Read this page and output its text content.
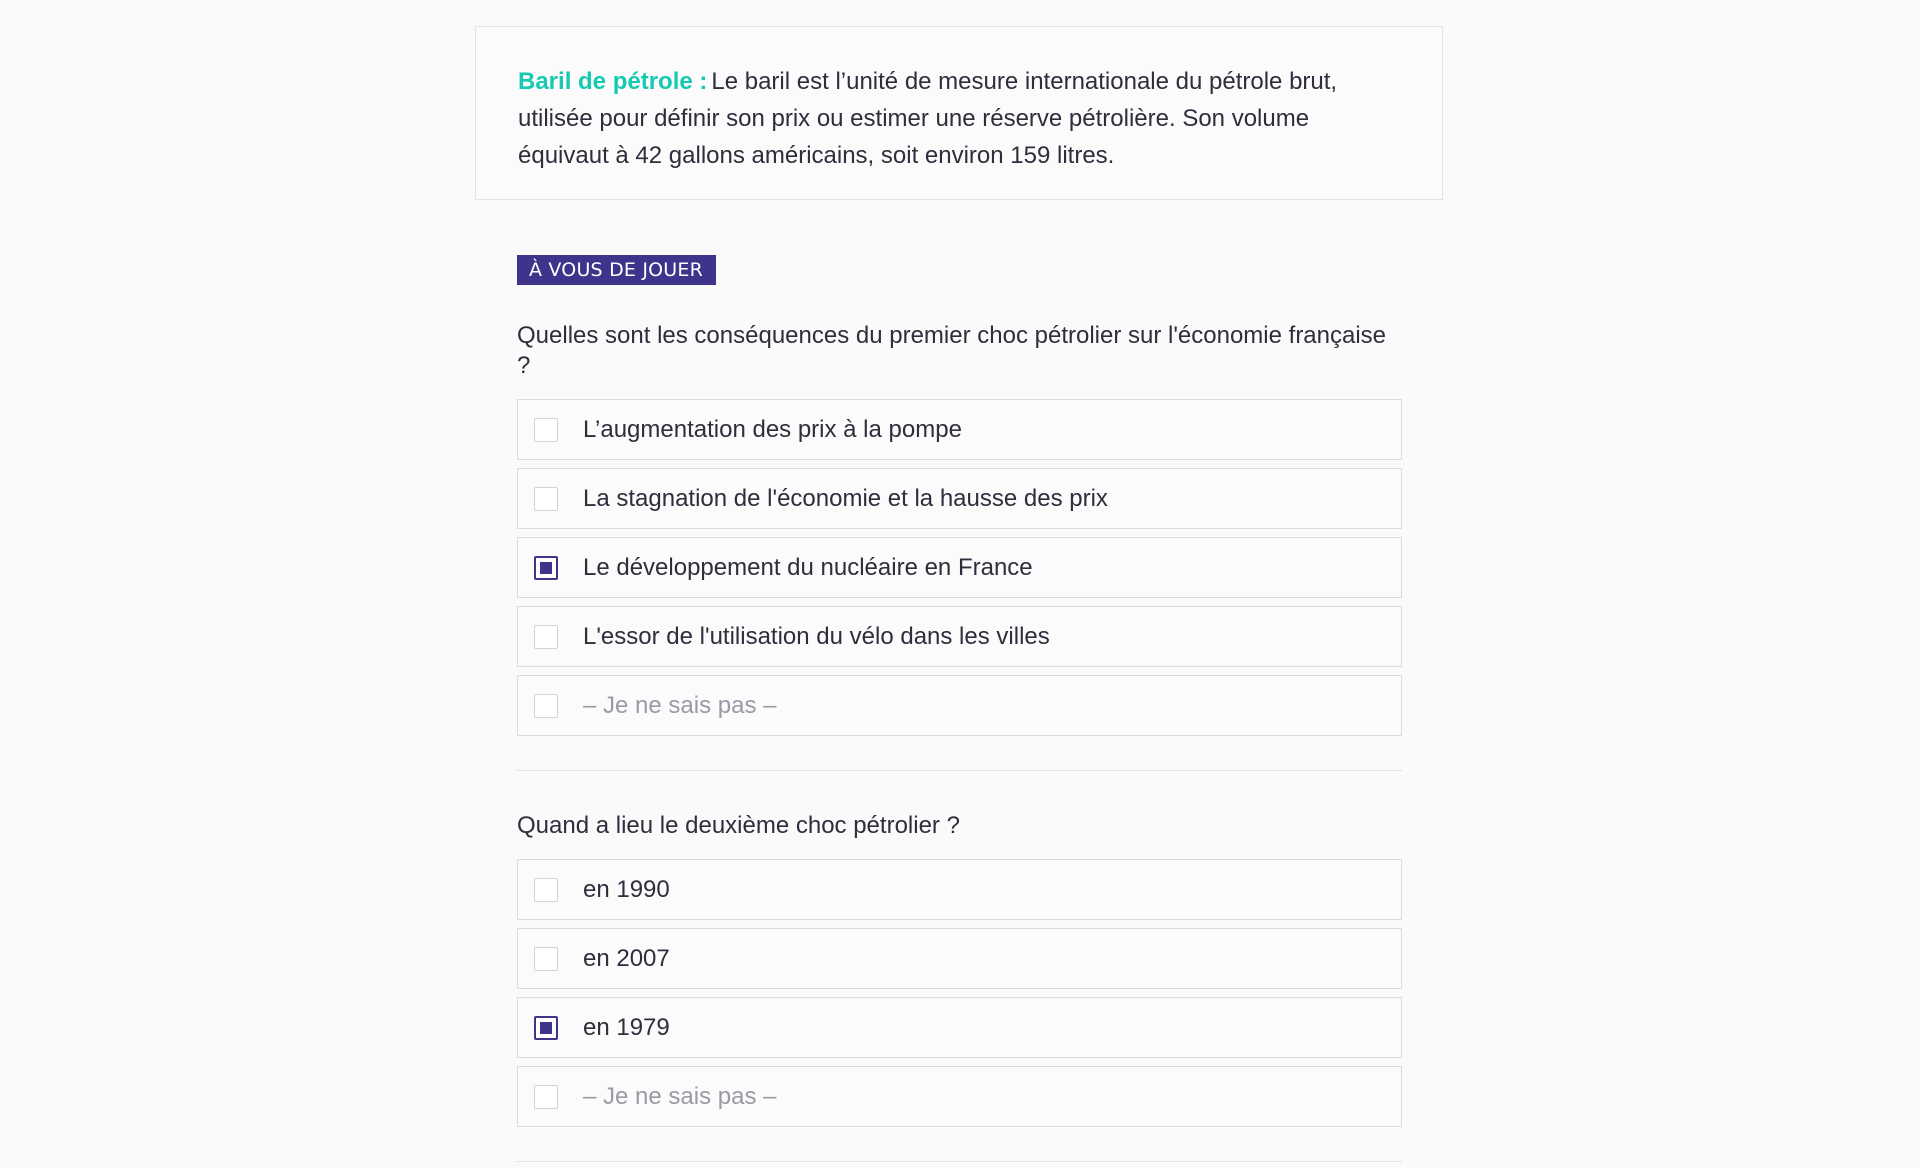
Baril de pétrole : Le baril est l’unité de mesure internationale du pétrole brut, utilisée pour définir son prix ou estimer une réserve pétrolière. Son volume équivaut à 42 gallons américains, soit environ 159 litres.
À VOUS DE JOUER

Quelles sont les conséquences du premier choc pétrolier sur l'économie française ?

L’augmentation des prix à la pompe
La stagnation de l'économie et la hausse des prix
Le développement du nucléaire en France
L'essor de l'utilisation du vélo dans les villes
– Je ne sais pas –

Quand a lieu le deuxième choc pétrolier ?

en 1990
en 2007
en 1979
– Je ne sais pas –
